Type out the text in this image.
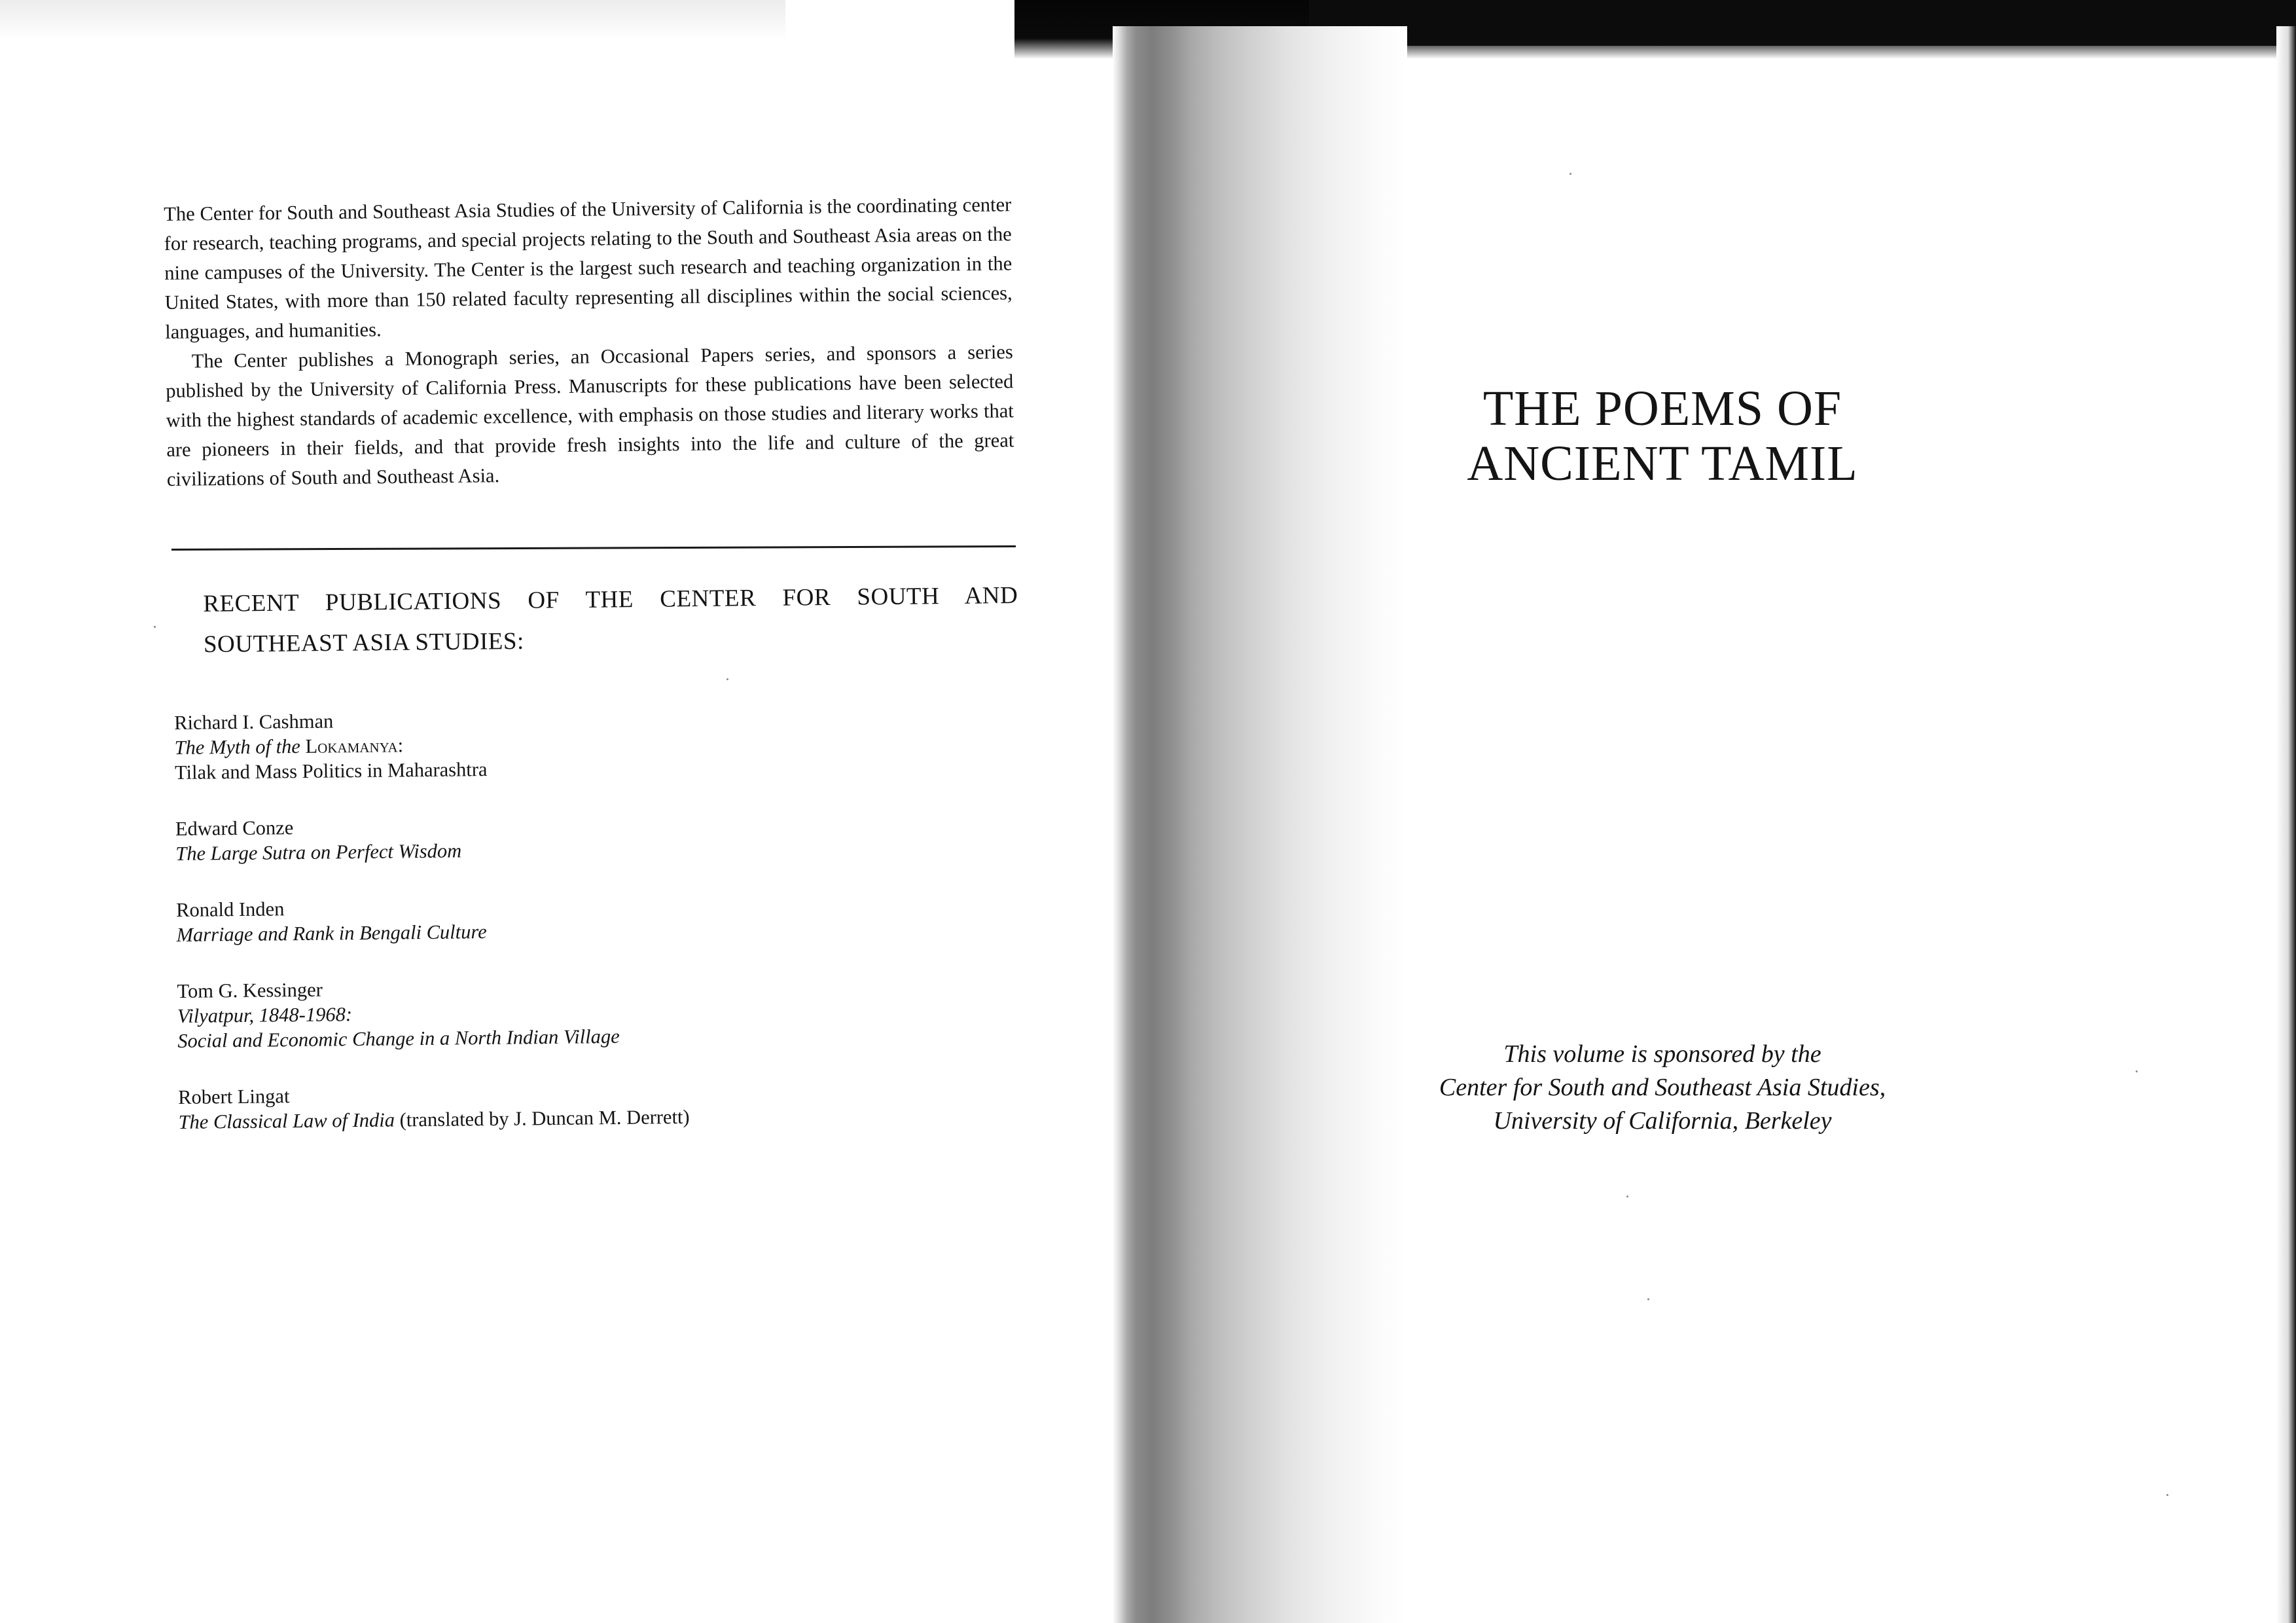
The Center for South and Southeast Asia Studies of the University of California is the coordinating center for research, teaching programs, and special projects relating to the South and Southeast Asia areas on the nine campuses of the University. The Center is the largest such research and teaching organization in the United States, with more than 150 related faculty representing all disciplines within the social sciences, languages, and humanities.

The Center publishes a Monograph series, an Occasional Papers series, and sponsors a series published by the University of California Press. Manuscripts for these publications have been selected with the highest standards of academic excellence, with emphasis on those studies and literary works that are pioneers in their fields, and that provide fresh insights into the life and culture of the great civilizations of South and Southeast Asia.

RECENT PUBLICATIONS OF THE CENTER FOR SOUTH AND SOUTHEAST ASIA STUDIES:
Richard I. Cashman
The Myth of the Lokamanya:
Tilak and Mass Politics in Maharashtra
Edward Conze
The Large Sutra on Perfect Wisdom
Ronald Inden
Marriage and Rank in Bengali Culture
Tom G. Kessinger
Vilyatpur, 1848-1968:
Social and Economic Change in a North Indian Village
Robert Lingat
The Classical Law of India (translated by J. Duncan M. Derrett)
THE POEMS OF
ANCIENT TAMIL
This volume is sponsored by the
Center for South and Southeast Asia Studies,
University of California, Berkeley
